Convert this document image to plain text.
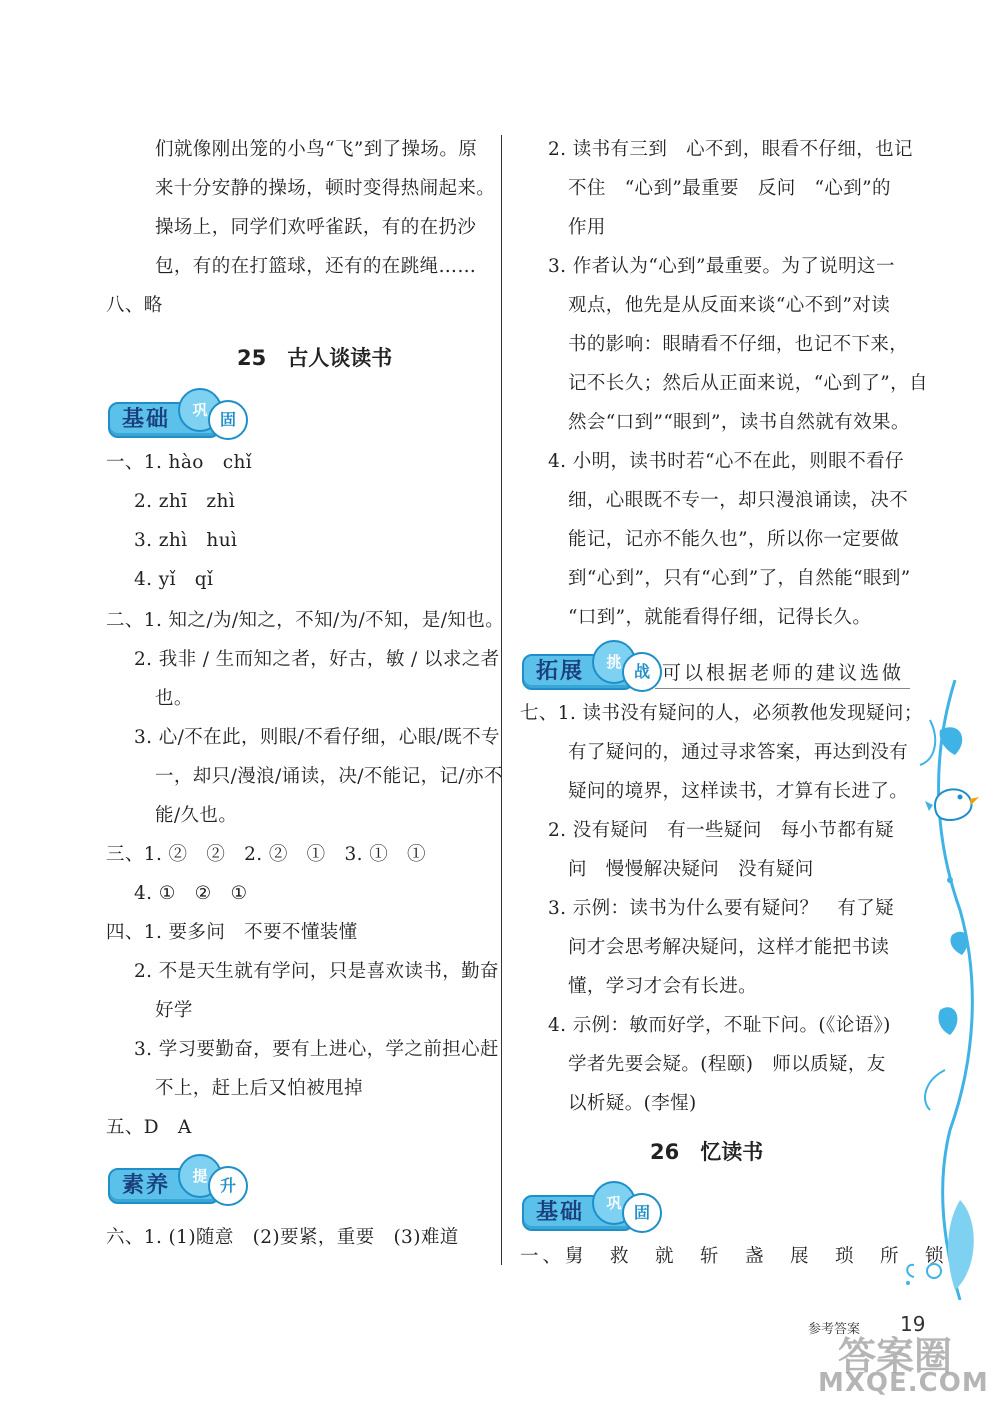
们就像刚出笼的小鸟“飞”到了操场。原
来十分安静的操场，顿时变得热闹起来。
操场上，同学们欢呼雀跃，有的在扔沙
包，有的在打篮球，还有的在跳绳……
八、略
25　古人谈读书
基础	巩 固
一、1. hào　chǐ
2. zhī　zhì
3. zhì　huì
4. yǐ　qǐ
二、1. 知之/为/知之，不知/为/不知，是/知也。
2. 我非 / 生而知之者，好古，敏 / 以求之者
也。
3. 心/不在此，则眼/不看仔细，心眼/既不专
一，却只/漫浪/诵读，决/不能记，记/亦不
能/久也。
三、1. ②　②　2. ②　①　3. ①　①
4. ①　②　①
四、1. 要多问　不要不懂装懂
2. 不是天生就有学问，只是喜欢读书，勤奋
好学
3. 学习要勤奋，要有上进心，学之前担心赶
不上，赶上后又怕被甩掉
五、D　A
素养	提 升
六、1. (1)随意　(2)要紧，重要　(3)难道
2. 读书有三到　心不到，眼看不仔细，也记
不住　“心到”最重要　反问　“心到”的
作用
3. 作者认为“心到”最重要。为了说明这一
观点，他先是从反面来谈“心不到”对读
书的影响：眼睛看不仔细，也记不下来，
记不长久；然后从正面来说，“心到了”，自
然会“口到”“眼到”，读书自然就有效果。
4. 小明，读书时若“心不在此，则眼不看仔
细，心眼既不专一，却只漫浪诵读，决不
能记，记亦不能久也”，所以你一定要做
到“心到”，只有“心到”了，自然能“眼到”
“口到”，就能看得仔细，记得长久。
拓展	挑 战 可以根据老师的建议选做
七、1. 读书没有疑问的人，必须教他发现疑问；
有了疑问的，通过寻求答案，再达到没有
疑问的境界，这样读书，才算有长进了。
2. 没有疑问　有一些疑问　每小节都有疑
问　慢慢解决疑问　没有疑问
3. 示例：读书为什么要有疑问？　有了疑
问才会思考解决疑问，这样才能把书读
懂，学习才会有长进。
4. 示例：敏而好学，不耻下问。(《论语》)
学者先要会疑。(程颐)　师以质疑，友
以析疑。(李惺)
26　忆读书
基础	巩 固
一、舅　救　就　斩　盏　展　琐　所　锁
参考答案 19
答案圈
MXQE.COM
